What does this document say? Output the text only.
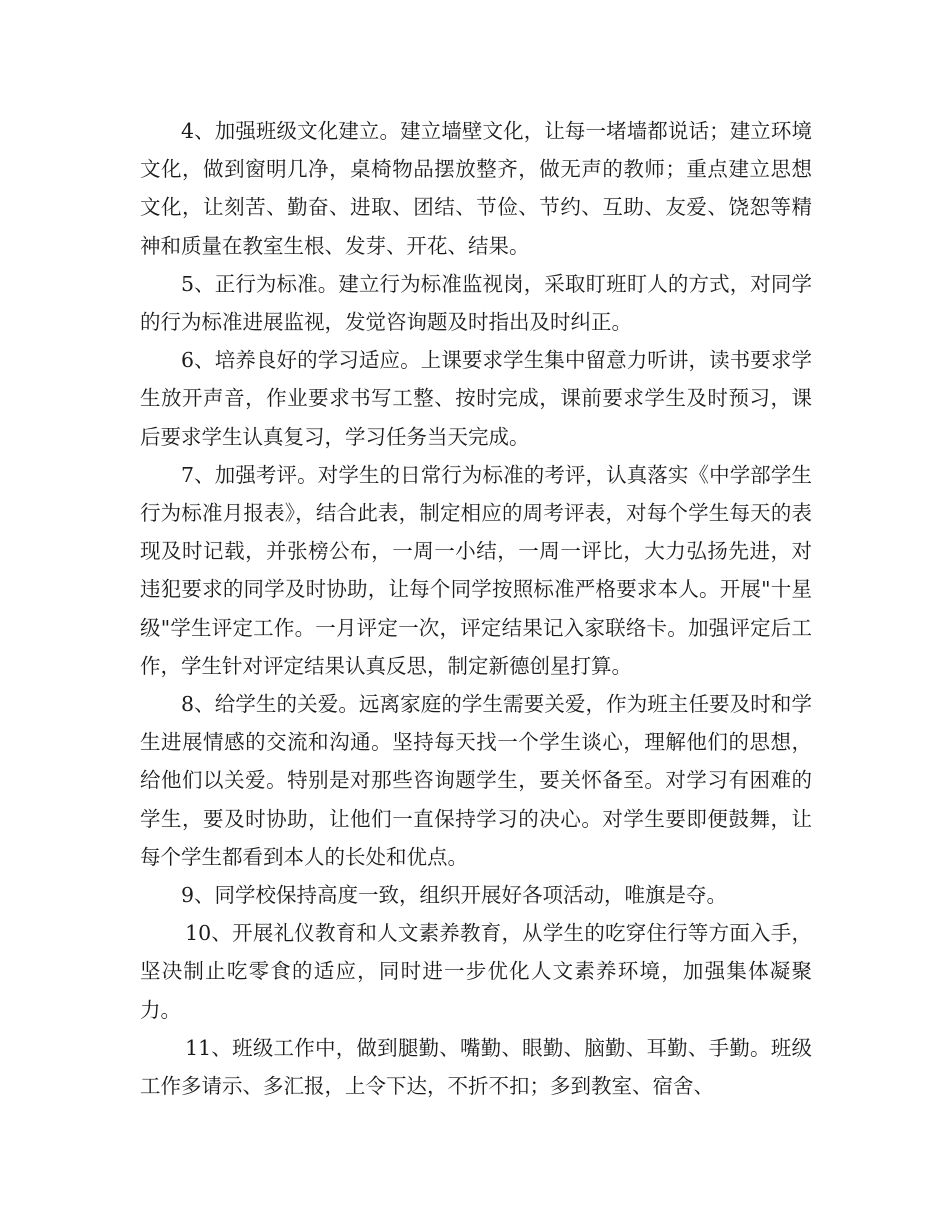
4、加强班级文化建立。建立墙壁文化，让每一堵墙都说话；建立环境文化，做到窗明几净，桌椅物品摆放整齐，做无声的教师；重点建立思想文化，让刻苦、勤奋、进取、团结、节俭、节约、互助、友爱、饶恕等精神和质量在教室生根、发芽、开花、结果。

5、正行为标准。建立行为标准监视岗，采取盯班盯人的方式，对同学的行为标准进展监视，发觉咨询题及时指出及时纠正。

6、培养良好的学习适应。上课要求学生集中留意力听讲，读书要求学生放开声音，作业要求书写工整、按时完成，课前要求学生及时预习，课后要求学生认真复习，学习任务当天完成。

7、加强考评。对学生的日常行为标准的考评，认真落实《中学部学生行为标准月报表》，结合此表，制定相应的周考评表，对每个学生每天的表现及时记载，并张榜公布，一周一小结，一周一评比，大力弘扬先进，对违犯要求的同学及时协助，让每个同学按照标准严格要求本人。开展"十星级"学生评定工作。一月评定一次，评定结果记入家联络卡。加强评定后工作，学生针对评定结果认真反思，制定新德创星打算。

8、给学生的关爱。远离家庭的学生需要关爱，作为班主任要及时和学生进展情感的交流和沟通。坚持每天找一个学生谈心，理解他们的思想，给他们以关爱。特别是对那些咨询题学生，要关怀备至。对学习有困难的学生，要及时协助，让他们一直保持学习的决心。对学生要即便鼓舞，让每个学生都看到本人的长处和优点。

9、同学校保持高度一致，组织开展好各项活动，唯旗是夺。

10、开展礼仪教育和人文素养教育，从学生的吃穿住行等方面入手，坚决制止吃零食的适应，同时进一步优化人文素养环境，加强集体凝聚力。

11、班级工作中，做到腿勤、嘴勤、眼勤、脑勤、耳勤、手勤。班级工作多请示、多汇报，上令下达，不折不扣；多到教室、宿舍、
